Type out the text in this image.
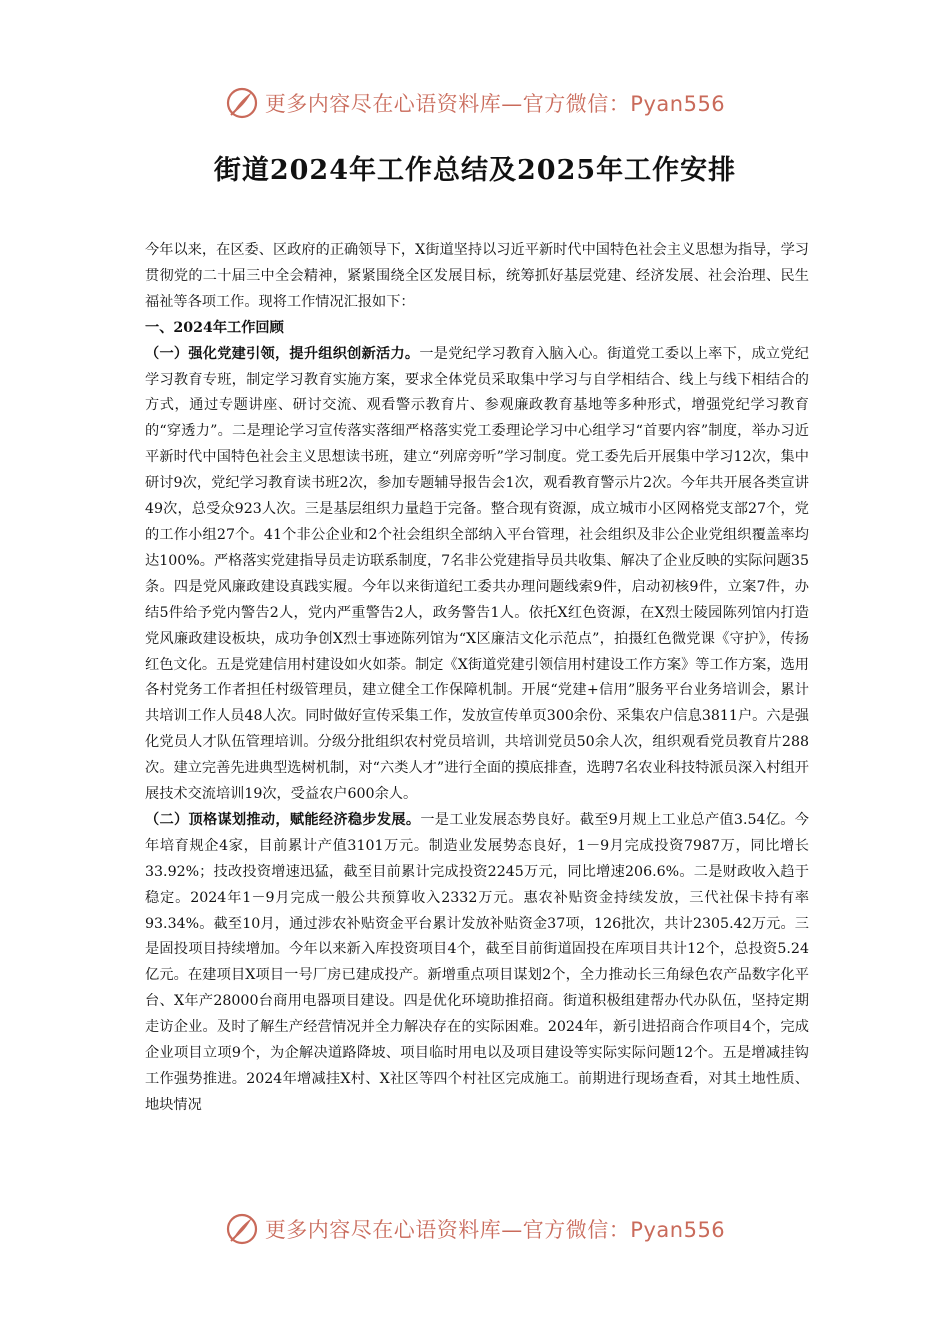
更多内容尽在心语资料库—官方微信：Pyan556
街道2024年工作总结及2025年工作安排

今年以来，在区委、区政府的正确领导下，X街道坚持以习近平新时代中国特色社会主义思想为指导，学习贯彻党的二十届三中全会精神，紧紧围绕全区发展目标，统筹抓好基层党建、经济发展、社会治理、民生福祉等各项工作。现将工作情况汇报如下：

一、2024年工作回顾

（一）强化党建引领，提升组织创新活力。一是党纪学习教育入脑入心。街道党工委以上率下，成立党纪学习教育专班，制定学习教育实施方案，要求全体党员采取集中学习与自学相结合、线上与线下相结合的方式，通过专题讲座、研讨交流、观看警示教育片、参观廉政教育基地等多种形式，增强党纪学习教育的“穿透力”。二是理论学习宣传落实落细严格落实党工委理论学习中心组学习“首要内容”制度，举办习近平新时代中国特色社会主义思想读书班，建立“列席旁听”学习制度。党工委先后开展集中学习12次，集中研讨9次，党纪学习教育读书班2次，参加专题辅导报告会1次，观看教育警示片2次。今年共开展各类宣讲49次，总受众923人次。三是基层组织力量趋于完备。整合现有资源，成立城市小区网格党支部27个，党的工作小组27个。41个非公企业和2个社会组织全部纳入平台管理，社会组织及非公企业党组织覆盖率均达100%。严格落实党建指导员走访联系制度，7名非公党建指导员共收集、解决了企业反映的实际问题35条。四是党风廉政建设真践实履。今年以来街道纪工委共办理问题线索9件，启动初核9件，立案7件，办结5件给予党内警告2人，党内严重警告2人，政务警告1人。依托X红色资源，在X烈士陵园陈列馆内打造党风廉政建设板块，成功争创X烈士事迹陈列馆为“X区廉洁文化示范点”，拍摄红色微党课《守护》，传扬红色文化。五是党建信用村建设如火如荼。制定《X街道党建引领信用村建设工作方案》等工作方案，选用各村党务工作者担任村级管理员，建立健全工作保障机制。开展“党建+信用”服务平台业务培训会，累计共培训工作人员48人次。同时做好宣传采集工作，发放宣传单页300余份、采集农户信息3811户。六是强化党员人才队伍管理培训。分级分批组织农村党员培训，共培训党员50余人次，组织观看党员教育片288次。建立完善先进典型选树机制，对“六类人才”进行全面的摸底排查，选聘7名农业科技特派员深入村组开展技术交流培训19次，受益农户600余人。

（二）顶格谋划推动，赋能经济稳步发展。一是工业发展态势良好。截至9月规上工业总产值3.54亿。今年培育规企4家，目前累计产值3101万元。制造业发展势态良好，1－9月完成投资7987万，同比增长33.92%；技改投资增速迅猛，截至目前累计完成投资2245万元，同比增速206.6%。二是财政收入趋于稳定。2024年1－9月完成一般公共预算收入2332万元。惠农补贴资金持续发放，三代社保卡持有率93.34%。截至10月，通过涉农补贴资金平台累计发放补贴资金37项，126批次，共计2305.42万元。三是固投项目持续增加。今年以来新入库投资项目4个，截至目前街道固投在库项目共计12个，总投资5.24亿元。在建项目X项目一号厂房已建成投产。新增重点项目谋划2个，全力推动长三角绿色农产品数字化平台、X年产28000台商用电器项目建设。四是优化环境助推招商。街道积极组建帮办代办队伍，坚持定期走访企业。及时了解生产经营情况并全力解决存在的实际困难。2024年，新引进招商合作项目4个，完成企业项目立项9个，为企解决道路降坡、项目临时用电以及项目建设等实际实际问题12个。五是增减挂钩工作强势推进。2024年增减挂X村、X社区等四个村社区完成施工。前期进行现场查看，对其土地性质、地块情况

更多内容尽在心语资料库—官方微信：Pyan556
